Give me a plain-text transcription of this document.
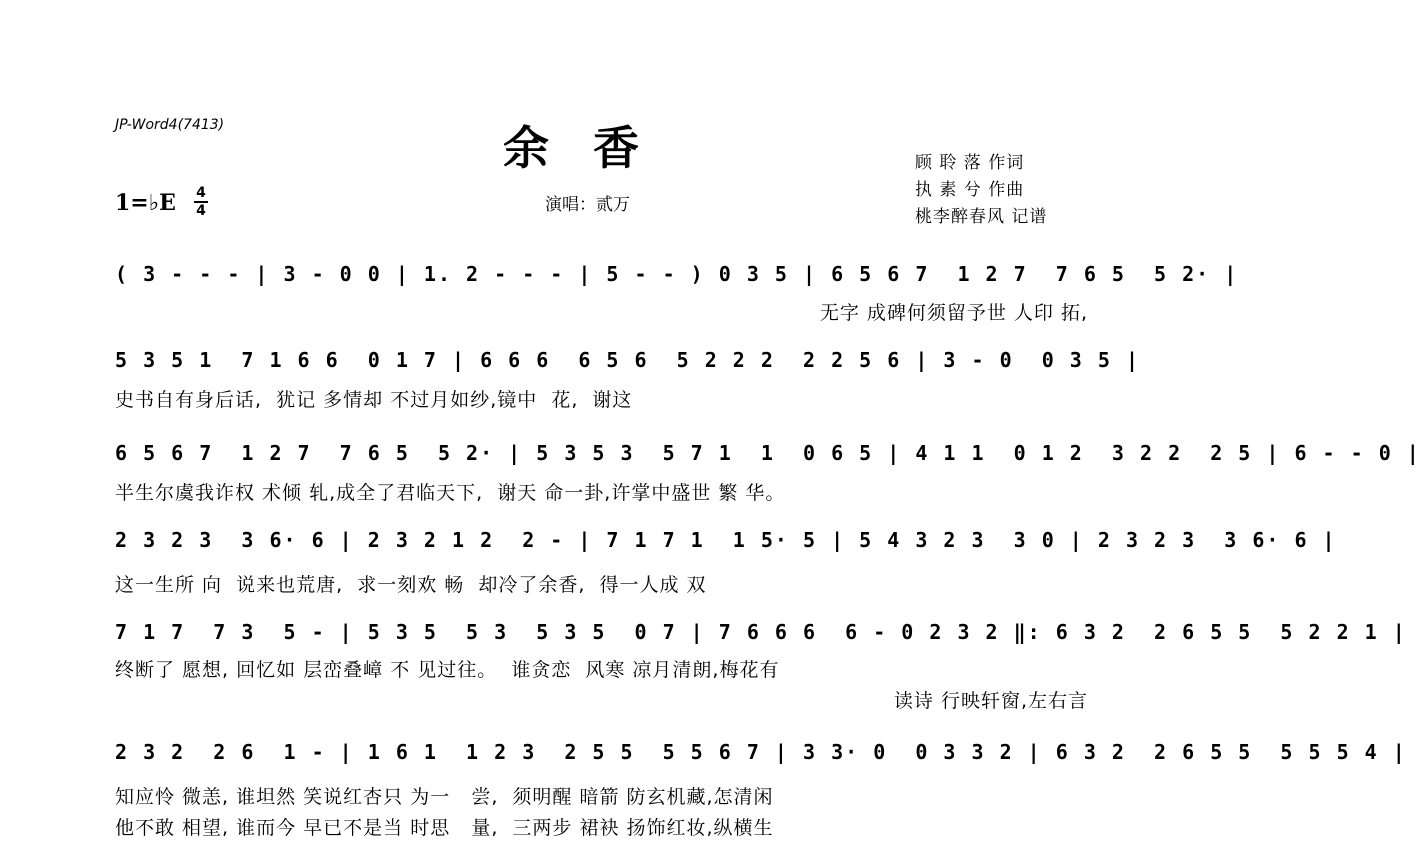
JP-Word4(7413)	余香
1=♭E 4
4	演唱：贰万
顾 聆 落 作词
执 素 兮 作曲
桃李醉春风 记谱
( 3 - - - | 3 - 0 0 | 1. 2 - - - | 5 - - ) 0 3 5 | 6 5 6 7  1 2 7  7 6 5  5 2· |
无字 成碑何须留予世 人印 拓,
5 3 5 1  7 1 6 6  0 1 7 | 6 6 6  6 5 6  5 2 2 2  2 2 5 6 | 3 - 0  0 3 5 |
史书自有身后话,  犹记 多情却 不过月如纱,镜中  花,  谢这
6 5 6 7  1 2 7  7 6 5  5 2· | 5 3 5 3  5 7 1  1  0 6 5 | 4 1 1  0 1 2  3 2 2  2 5 | 6 - - 0 |
半生尔虞我诈权 术倾 轧,成全了君临天下,  谢天 命一卦,许掌中盛世 繁 华。
2 3 2 3  3 6· 6 | 2 3 2 1 2  2 - | 7 1 7 1  1 5· 5 | 5 4 3 2 3  3 0 | 2 3 2 3  3 6· 6 |
这一生所 向  说来也荒唐,  求一刻欢 畅  却冷了余香,  得一人成 双
7 1 7  7 3  5 - | 5 3 5  5 3  5 3 5  0 7 | 7 6 6 6  6 - 0 2 3 2 ‖: 6 3 2  2 6 5 5  5 2 2 1 |
终断了 愿想, 回忆如 层峦叠嶂 不 见过往。  谁贪恋  风寒 凉月清朗,梅花有
读诗 行映轩窗,左右言
2 3 2  2 6  1 - | 1 6 1  1 2 3  2 5 5  5 5 6 7 | 3 3· 0  0 3 3 2 | 6 3 2  2 6 5 5  5 5 5 4 |
知应怜 微恙, 谁坦然 笑说红杏只 为一   尝,  须明醒 暗箭 防玄机藏,怎清闲
他不敢 相望, 谁而今 早已不是当 时思   量,  三两步 裙袂 扬饰红妆,纵横生
